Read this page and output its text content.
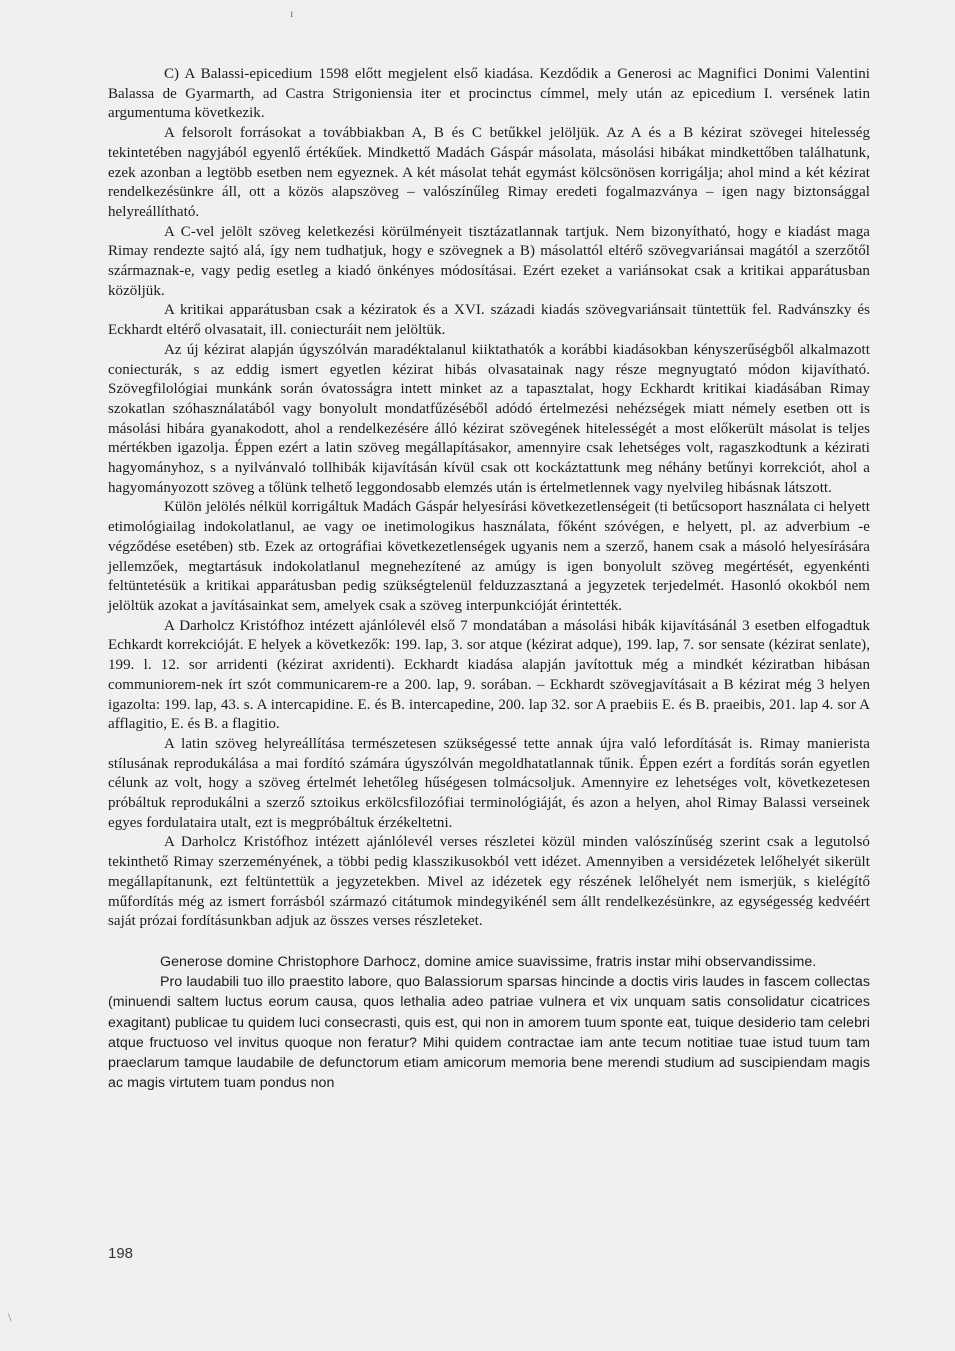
ı
\

C) A Balassi-epicedium 1598 előtt megjelent első kiadása. Kezdődik a Generosi ac Magnifici Donimi Valentini Balassa de Gyarmarth, ad Castra Strigoniensia iter et procinctus címmel, mely után az epicedium I. versének latin argumentuma következik.

A felsorolt forrásokat a továbbiakban A, B és C betűkkel jelöljük. Az A és a B kézirat szövegei hitelesség tekintetében nagyjából egyenlő értékűek. Mindkettő Madách Gáspár másolata, másolási hibákat mindkettőben találhatunk, ezek azonban a legtöbb esetben nem egyeznek. A két másolat tehát egymást kölcsönösen korrigálja; ahol mind a két kézirat rendelkezésünkre áll, ott a közös alapszöveg – valószínűleg Rimay eredeti fogalmazványa – igen nagy biztonsággal helyreállítható.

A C-vel jelölt szöveg keletkezési körülményeit tisztázatlannak tartjuk. Nem bizonyítható, hogy e kiadást maga Rimay rendezte sajtó alá, így nem tudhatjuk, hogy e szövegnek a B) másolattól eltérő szövegvariánsai magától a szerzőtől származnak-e, vagy pedig esetleg a kiadó önkényes módosításai. Ezért ezeket a variánsokat csak a kritikai apparátusban közöljük.

A kritikai apparátusban csak a kéziratok és a XVI. századi kiadás szövegvariánsait tüntettük fel. Radvánszky és Eckhardt eltérő olvasatait, ill. coniecturáit nem jelöltük.

Az új kézirat alapján úgyszólván maradéktalanul kiiktathatók a korábbi kiadásokban kényszerűségből alkalmazott coniecturák, s az eddig ismert egyetlen kézirat hibás olvasatainak nagy része megnyugtató módon kijavítható. Szövegfilológiai munkánk során óvatosságra intett minket az a tapasztalat, hogy Eckhardt kritikai kiadásában Rimay szokatlan szóhasználatából vagy bonyolult mondatfűzéséből adódó értelmezési nehézségek miatt némely esetben ott is másolási hibára gyanakodott, ahol a rendelkezésére álló kézirat szövegének hitelességét a most előkerült másolat is teljes mértékben igazolja. Éppen ezért a latin szöveg megállapításakor, amennyire csak lehetséges volt, ragaszkodtunk a kézirati hagyományhoz, s a nyilvánvaló tollhibák kijavításán kívül csak ott kockáztattunk meg néhány betűnyi korrekciót, ahol a hagyományozott szöveg a tőlünk telhető leggondosabb elemzés után is értelmetlennek vagy nyelvileg hibásnak látszott.

Külön jelölés nélkül korrigáltuk Madách Gáspár helyesírási következetlenségeit (ti betűcsoport használata ci helyett etimológiailag indokolatlanul, ae vagy oe inetimologikus használata, főként szóvégen, e helyett, pl. az adverbium -e végződése esetében) stb. Ezek az ortográfiai következetlenségek ugyanis nem a szerző, hanem csak a másoló helyesírására jellemzőek, megtartásuk indokolatlanul megnehezítené az amúgy is igen bonyolult szöveg megértését, egyenkénti feltüntetésük a kritikai apparátusban pedig szükségtelenül felduzzasztaná a jegyzetek terjedelmét. Hasonló okokból nem jelöltük azokat a javításainkat sem, amelyek csak a szöveg interpunkcióját érintették.

A Darholcz Kristófhoz intézett ajánlólevél első 7 mondatában a másolási hibák kijavításánál 3 esetben elfogadtuk Echkardt korrekcióját. E helyek a következők: 199. lap, 3. sor atque (kézirat adque), 199. lap, 7. sor sensate (kézirat senlate), 199. l. 12. sor arridenti (kézirat axridenti). Eckhardt kiadása alapján javítottuk még a mindkét kéziratban hibásan communiorem-nek írt szót communicarem-re a 200. lap, 9. sorában. – Eckhardt szövegjavításait a B kézirat még 3 helyen igazolta: 199. lap, 43. s. A intercapidine. E. és B. intercapedine, 200. lap 32. sor A praebiis E. és B. praeibis, 201. lap 4. sor A afflagitio, E. és B. a flagitio.

A latin szöveg helyreállítása természetesen szükségessé tette annak újra való lefordítását is. Rimay manierista stílusának reprodukálása a mai fordító számára úgyszólván megoldhatatlannak tűnik. Éppen ezért a fordítás során egyetlen célunk az volt, hogy a szöveg értelmét lehetőleg hűségesen tolmácsoljuk. Amennyire ez lehetséges volt, következetesen próbáltuk reprodukálni a szerző sztoikus erkölcsfilozófiai terminológiáját, és azon a helyen, ahol Rimay Balassi verseinek egyes fordulataira utalt, ezt is megpróbáltuk érzékeltetni.

A Darholcz Kristófhoz intézett ajánlólevél verses részletei közül minden valószínűség szerint csak a legutolsó tekinthető Rimay szerzeményének, a többi pedig klasszikusokból vett idézet. Amennyiben a versidézetek lelőhelyét sikerült megállapítanunk, ezt feltüntettük a jegyzetekben. Mivel az idézetek egy részének lelőhelyét nem ismerjük, s kielégítő műfordítás még az ismert forrásból származó citátumok mindegyikénél sem állt rendelkezésünkre, az egységesség kedvéért saját prózai fordításunkban adjuk az összes verses részleteket.

Generose domine Christophore Darhocz, domine amice suavissime, fratris instar mihi observandissime.

Pro laudabili tuo illo praestito labore, quo Balassiorum sparsas hincinde a doctis viris laudes in fascem collectas (minuendi saltem luctus eorum causa, quos lethalia adeo patriae vulnera et vix unquam satis consolidatur cicatrices exagitant) publicae tu quidem luci consecrasti, quis est, qui non in amorem tuum sponte eat, tuique desiderio tam celebri atque fructuoso vel invitus quoque non feratur? Mihi quidem contractae iam ante tecum notitiae tuae istud tuum tam praeclarum tamque laudabile de defunctorum etiam amicorum memoria bene merendi studium ad suscipiendam magis ac magis virtutem tuam pondus non

198
